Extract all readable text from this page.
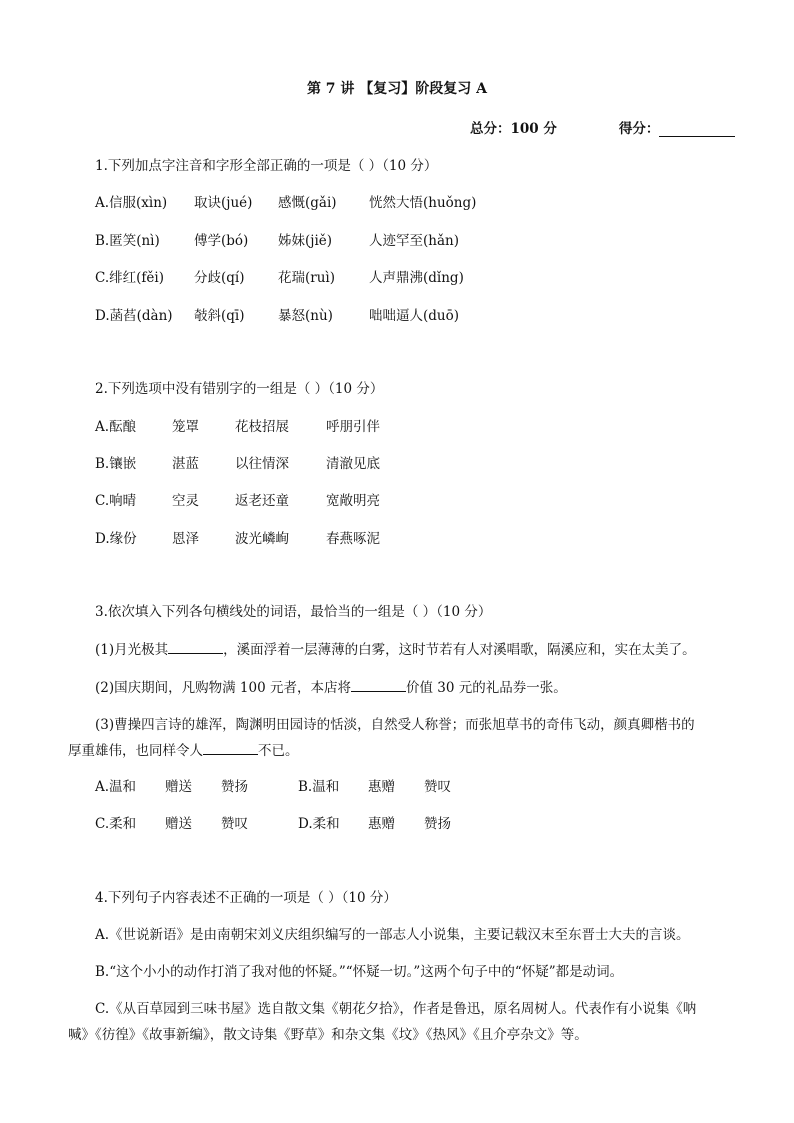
第 7 讲 【复习】阶段复习 A
总分：100 分	得分：
1.下列加点字注音和字形全部正确的一项是（ ）（10 分）
A.信服(xìn) 取诀(jué) 感慨(gǎi) 恍然大悟(huǒng)
B.匿笑(nì)	傅学(bó) 姊妹(jiě)	人迹罕至(hǎn)
C.绯红(fěi) 分歧(qí) 花瑞(ruì)	人声鼎沸(dǐng)
D.菡萏(dàn) 攲斜(qī) 暴怒(nù)	咄咄逼人(duō)
2.下列选项中没有错别字的一组是（ ）（10 分）
A.酝酿	笼罩	花枝招展	呼朋引伴
B.镶嵌	湛蓝	以往情深	清澈见底
C.响晴	空灵	返老还童	宽敞明亮
D.缘份	恩泽	波光嶙峋	春燕啄泥
3.依次填入下列各句横线处的词语，最恰当的一组是（ ）（10 分）
(1)月光极其	，溪面浮着一层薄薄的白雾，这时节若有人对溪唱歌，隔溪应和，实在太美了。
(2)国庆期间，凡购物满 100 元者，本店将	价值 30 元的礼品券一张。
(3)曹操四言诗的雄浑，陶渊明田园诗的恬淡，自然受人称誉；而张旭草书的奇伟飞动，颜真卿楷书的
厚重雄伟，也同样令人	不已。
A.温和 赠送 赞扬	B.温和 惠赠 赞叹
C.柔和 赠送 赞叹	D.柔和 惠赠 赞扬
4.下列句子内容表述不正确的一项是（ ）（10 分）
A.《世说新语》是由南朝宋刘义庆组织编写的一部志人小说集，主要记载汉末至东晋士大夫的言谈。
B.“这个小小的动作打消了我对他的怀疑。”“怀疑一切。”这两个句子中的“怀疑”都是动词。
C.《从百草园到三味书屋》选自散文集《朝花夕拾》，作者是鲁迅，原名周树人。代表作有小说集《呐
喊》《彷徨》《故事新编》，散文诗集《野草》和杂文集《坟》《热风》《且介亭杂文》等。
